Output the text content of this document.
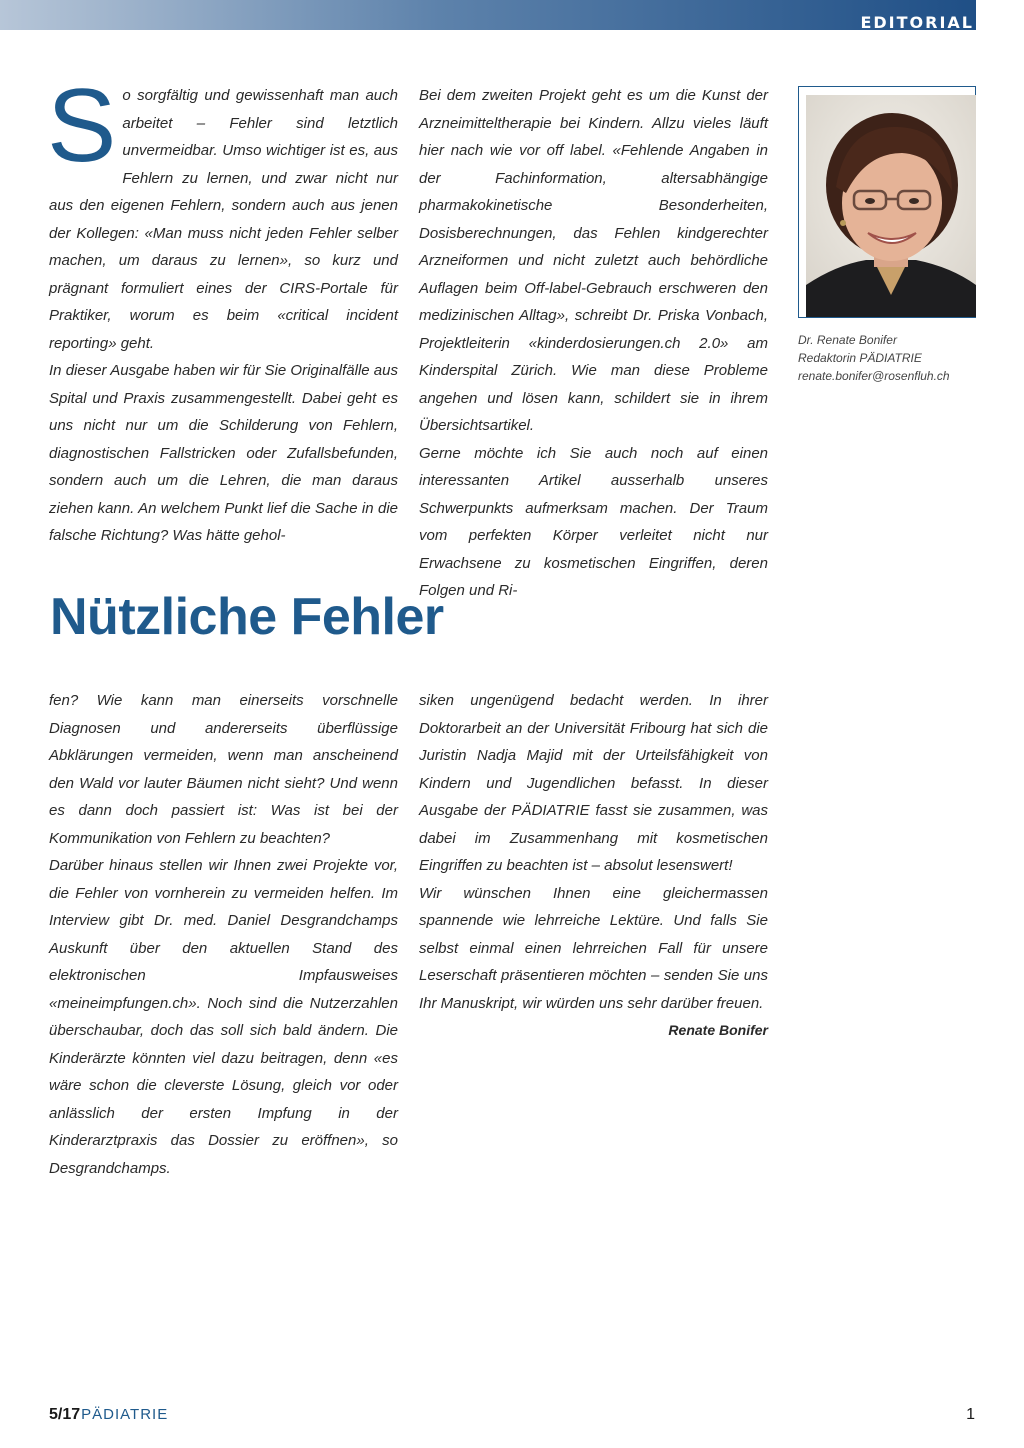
EDITORIAL
S o sorgfältig und gewissenhaft man auch arbeitet – Fehler sind letztlich unvermeidbar. Umso wichtiger ist es, aus Fehlern zu lernen, und zwar nicht nur aus den eigenen Fehlern, sondern auch aus jenen der Kollegen: «Man muss nicht jeden Fehler selber machen, um daraus zu lernen», so kurz und prägnant formuliert eines der CIRS-Portale für Praktiker, worum es beim «critical incident reporting» geht.

In dieser Ausgabe haben wir für Sie Originalfälle aus Spital und Praxis zusammengestellt. Dabei geht es uns nicht nur um die Schilderung von Fehlern, diagnostischen Fallstricken oder Zufallsbefunden, sondern auch um die Lehren, die man daraus ziehen kann. An welchem Punkt lief die Sache in die falsche Richtung? Was hätte gehol-

Bei dem zweiten Projekt geht es um die Kunst der Arzneimitteltherapie bei Kindern. Allzu vieles läuft hier nach wie vor off label. «Fehlende Angaben in der Fachinformation, altersabhängige pharmakokinetische Besonderheiten, Dosisberechnungen, das Fehlen kindgerechter Arzneiformen und nicht zuletzt auch behördliche Auflagen beim Off-label-Gebrauch erschweren den medizinischen Alltag», schreibt Dr. Priska Vonbach, Projektleiterin «kinderdosierungen.ch 2.0» am Kinderspital Zürich. Wie man diese Probleme angehen und lösen kann, schildert sie in ihrem Übersichtsartikel.

Gerne möchte ich Sie auch noch auf einen interessanten Artikel ausserhalb unseres Schwerpunkts aufmerksam machen. Der Traum vom perfekten Körper verleitet nicht nur Erwachsene zu kosmetischen Eingriffen, deren Folgen und Ri-

Dr. Renate Bonifer
Redaktorin PÄDIATRIE
renate.bonifer@rosenfluh.ch
Nützliche Fehler

fen? Wie kann man einerseits vorschnelle Diagnosen und andererseits überflüssige Abklärungen vermeiden, wenn man anscheinend den Wald vor lauter Bäumen nicht sieht? Und wenn es dann doch passiert ist: Was ist bei der Kommunikation von Fehlern zu beachten?

Darüber hinaus stellen wir Ihnen zwei Projekte vor, die Fehler von vornherein zu vermeiden helfen. Im Interview gibt Dr. med. Daniel Desgrandchamps Auskunft über den aktuellen Stand des elektronischen Impfausweises «meineimpfungen.ch». Noch sind die Nutzerzahlen überschaubar, doch das soll sich bald ändern. Die Kinderärzte könnten viel dazu beitragen, denn «es wäre schon die cleverste Lösung, gleich vor oder anlässlich der ersten Impfung in der Kinderarztpraxis das Dossier zu eröffnen», so Desgrandchamps.

siken ungenügend bedacht werden. In ihrer Doktorarbeit an der Universität Fribourg hat sich die Juristin Nadja Majid mit der Urteilsfähigkeit von Kindern und Jugendlichen befasst. In dieser Ausgabe der PÄDIATRIE fasst sie zusammen, was dabei im Zusammenhang mit kosmetischen Eingriffen zu beachten ist – absolut lesenswert!

Wir wünschen Ihnen eine gleichermassen spannende wie lehrreiche Lektüre. Und falls Sie selbst einmal einen lehrreichen Fall für unsere Leserschaft präsentieren möchten – senden Sie uns Ihr Manuskript, wir würden uns sehr darüber freuen.

Renate Bonifer

5/17PÄDIATRIE	1
